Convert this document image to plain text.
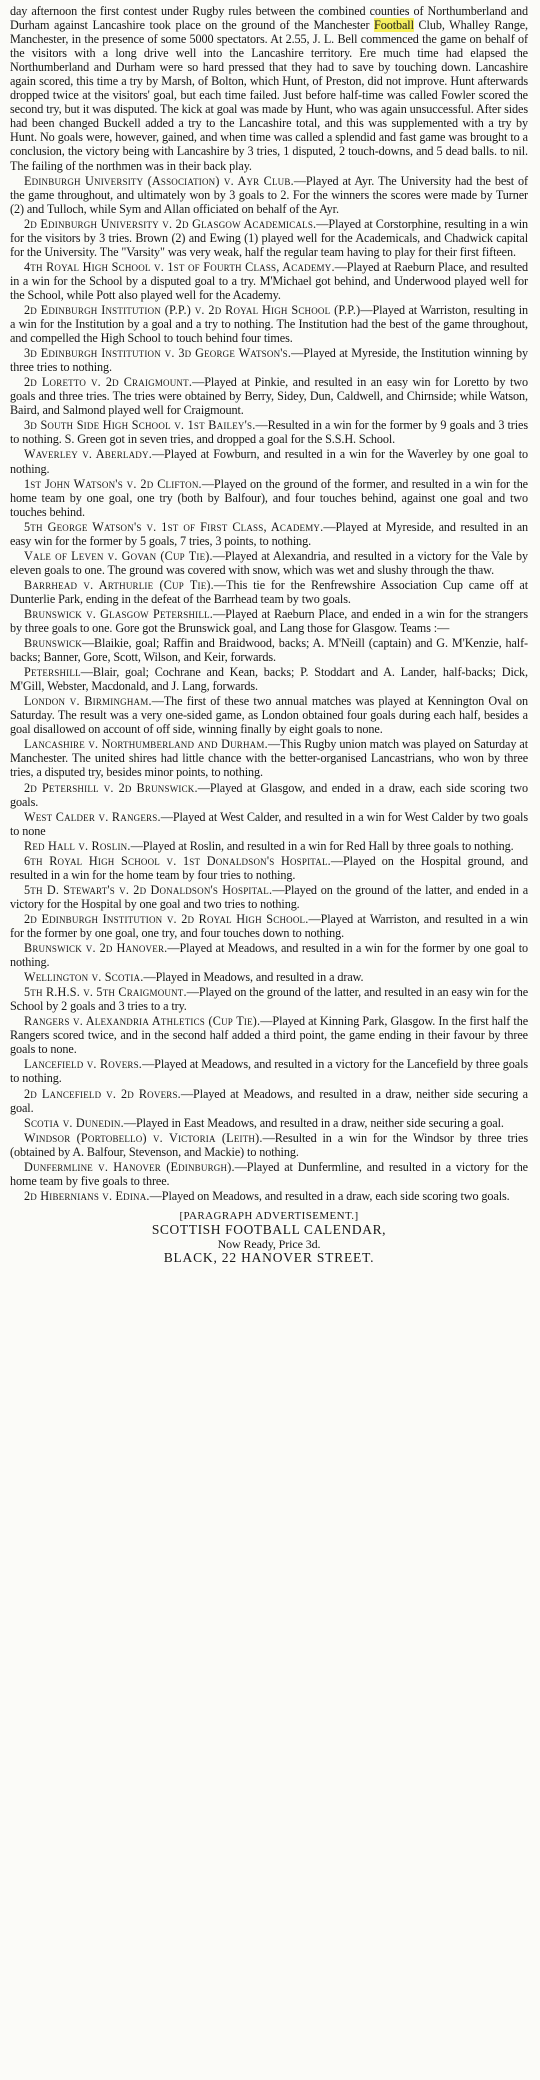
day afternoon the first contest under Rugby rules between the combined counties of Northumberland and Durham against Lancashire took place on the ground of the Manchester Football Club, Whalley Range, Manchester, in the presence of some 5000 spectators. At 2.55, J. L. Bell commenced the game on behalf of the visitors with a long drive well into the Lancashire territory. Ere much time had elapsed the Northumberland and Durham were so hard pressed that they had to save by touching down. Lancashire again scored, this time a try by Marsh, of Bolton, which Hunt, of Preston, did not improve. Hunt afterwards dropped twice at the visitors' goal, but each time failed. Just before half-time was called Fowler scored the second try, but it was disputed. The kick at goal was made by Hunt, who was again unsuccessful. After sides had been changed Buckell added a try to the Lancashire total, and this was supplemented with a try by Hunt. No goals were, however, gained, and when time was called a splendid and fast game was brought to a conclusion, the victory being with Lancashire by 3 tries, 1 disputed, 2 touch-downs, and 5 dead balls. to nil. The failing of the northmen was in their back play.

Edinburgh University (Association) v. Ayr Club.—Played at Ayr. The University had the best of the game throughout, and ultimately won by 3 goals to 2. For the winners the scores were made by Turner (2) and Tulloch, while Sym and Allan officiated on behalf of the Ayr.

2d Edinburgh University v. 2d Glasgow Academicals.—Played at Corstorphine, resulting in a win for the visitors by 3 tries. Brown (2) and Ewing (1) played well for the Academicals, and Chadwick capital for the University. The "Varsity" was very weak, half the regular team having to play for their first fifteen.

4th Royal High School v. 1st of Fourth Class, Academy.—Played at Raeburn Place, and resulted in a win for the School by a disputed goal to a try. M'Michael got behind, and Underwood played well for the School, while Pott also played well for the Academy.

2d Edinburgh Institution (P.P.) v. 2d Royal High School (P.P.)—Played at Warriston, resulting in a win for the Institution by a goal and a try to nothing. The Institution had the best of the game throughout, and compelled the High School to touch behind four times.

3d Edinburgh Institution v. 3d George Watson's.—Played at Myreside, the Institution winning by three tries to nothing.

2d Loretto v. 2d Craigmount.—Played at Pinkie, and resulted in an easy win for Loretto by two goals and three tries. The tries were obtained by Berry, Sidey, Dun, Caldwell, and Chirnside; while Watson, Baird, and Salmond played well for Craigmount.

3d South Side High School v. 1st Bailey's.—Resulted in a win for the former by 9 goals and 3 tries to nothing. S. Green got in seven tries, and dropped a goal for the S.S.H. School.

Waverley v. Aberlady.—Played at Fowburn, and resulted in a win for the Waverley by one goal to nothing.

1st John Watson's v. 2d Clifton.—Played on the ground of the former, and resulted in a win for the home team by one goal, one try (both by Balfour), and four touches behind, against one goal and two touches behind.

5th George Watson's v. 1st of First Class, Academy.—Played at Myreside, and resulted in an easy win for the former by 5 goals, 7 tries, 3 points, to nothing.

Vale of Leven v. Govan (Cup Tie).—Played at Alexandria, and resulted in a victory for the Vale by eleven goals to one. The ground was covered with snow, which was wet and slushy through the thaw.

Barrhead v. Arthurlie (Cup Tie).—This tie for the Renfrewshire Association Cup came off at Dunterlie Park, ending in the defeat of the Barrhead team by two goals.

Brunswick v. Glasgow Petershill.—Played at Raeburn Place, and ended in a win for the strangers by three goals to one. Gore got the Brunswick goal, and Lang those for Glasgow. Teams :—

Brunswick—Blaikie, goal; Raffin and Braidwood, backs; A. M'Neill (captain) and G. M'Kenzie, half-backs; Banner, Gore, Scott, Wilson, and Keir, forwards.

Petershill—Blair, goal; Cochrane and Kean, backs; P. Stoddart and A. Lander, half-backs; Dick, M'Gill, Webster, Macdonald, and J. Lang, forwards.

London v. Birmingham.—The first of these two annual matches was played at Kennington Oval on Saturday. The result was a very one-sided game, as London obtained four goals during each half, besides a goal disallowed on account of off side, winning finally by eight goals to none.

Lancashire v. Northumberland and Durham.—This Rugby union match was played on Saturday at Manchester. The united shires had little chance with the better-organised Lancastrians, who won by three tries, a disputed try, besides minor points, to nothing.

2d Petershill v. 2d Brunswick.—Played at Glasgow, and ended in a draw, each side scoring two goals.

West Calder v. Rangers.—Played at West Calder, and resulted in a win for West Calder by two goals to none

Red Hall v. Roslin.—Played at Roslin, and resulted in a win for Red Hall by three goals to nothing.

6th Royal High School v. 1st Donaldson's Hospital.—Played on the Hospital ground, and resulted in a win for the home team by four tries to nothing.

5th D. Stewart's v. 2d Donaldson's Hospital.—Played on the ground of the latter, and ended in a victory for the Hospital by one goal and two tries to nothing.

2d Edinburgh Institution v. 2d Royal High School.—Played at Warriston, and resulted in a win for the former by one goal, one try, and four touches down to nothing.

Brunswick v. 2d Hanover.—Played at Meadows, and resulted in a win for the former by one goal to nothing.

Wellington v. Scotia.—Played in Meadows, and resulted in a draw.

5th R.H.S. v. 5th Craigmount.—Played on the ground of the latter, and resulted in an easy win for the School by 2 goals and 3 tries to a try.

Rangers v. Alexandria Athletics (Cup Tie).—Played at Kinning Park, Glasgow. In the first half the Rangers scored twice, and in the second half added a third point, the game ending in their favour by three goals to none.

Lancefield v. Rovers.—Played at Meadows, and resulted in a victory for the Lancefield by three goals to nothing.

2d Lancefield v. 2d Rovers.—Played at Meadows, and resulted in a draw, neither side securing a goal.

Scotia v. Dunedin.—Played in East Meadows, and resulted in a draw, neither side securing a goal.

Windsor (Portobello) v. Victoria (Leith).—Resulted in a win for the Windsor by three tries (obtained by A. Balfour, Stevenson, and Mackie) to nothing.

Dunfermline v. Hanover (Edinburgh).—Played at Dunfermline, and resulted in a victory for the home team by five goals to three.

2d Hibernians v. Edina.—Played on Meadows, and resulted in a draw, each side scoring two goals.

[PARAGRAPH ADVERTISEMENT.]
SCOTTISH FOOTBALL CALENDAR,
Now Ready, Price 3d.
BLACK, 22 HANOVER STREET.
